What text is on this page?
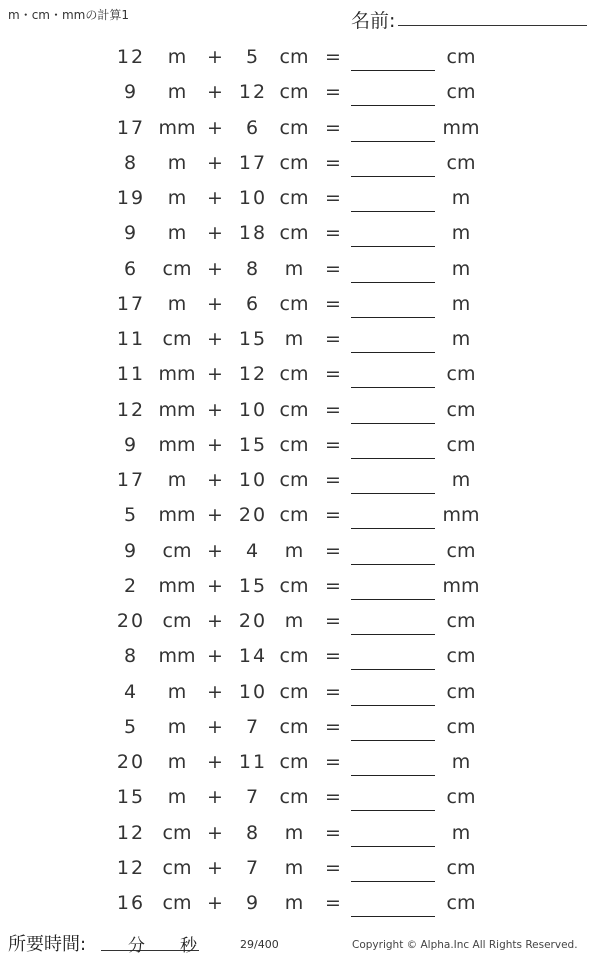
m・cm・mmの計算1	名前:
12	m	+	5	cm =	cm
9	m	+ 12 cm =	cm
17 mm +	6	cm =	mm
8	m	+ 17 cm =	cm
19	m	+ 10 cm =	m
9	m	+ 18 cm =	m
6	cm +	8	m	=	m
17	m	+	6	cm =	m
11 cm + 15 m	=	m
11 mm + 12 cm =	cm
12 mm + 10 cm =	cm
9	mm + 15 cm =	cm
17	m	+ 10 cm =	m
5	mm + 20 cm =	mm
9	cm +	4	m	=	cm
2	mm + 15 cm =	mm
20 cm + 20 m	=	cm
8	mm + 14 cm =	cm
4	m	+ 10 cm =	cm
5	m	+	7	cm =	cm
20	m	+ 11 cm =	m
15	m	+	7	cm =	cm
12 cm +	8	m	=	m
12 cm +	7	m	=	cm
16 cm +	9	m	=	cm
所要時間: 分 秒	29/400	Copyright © Alpha.Inc All Rights Reserved.
